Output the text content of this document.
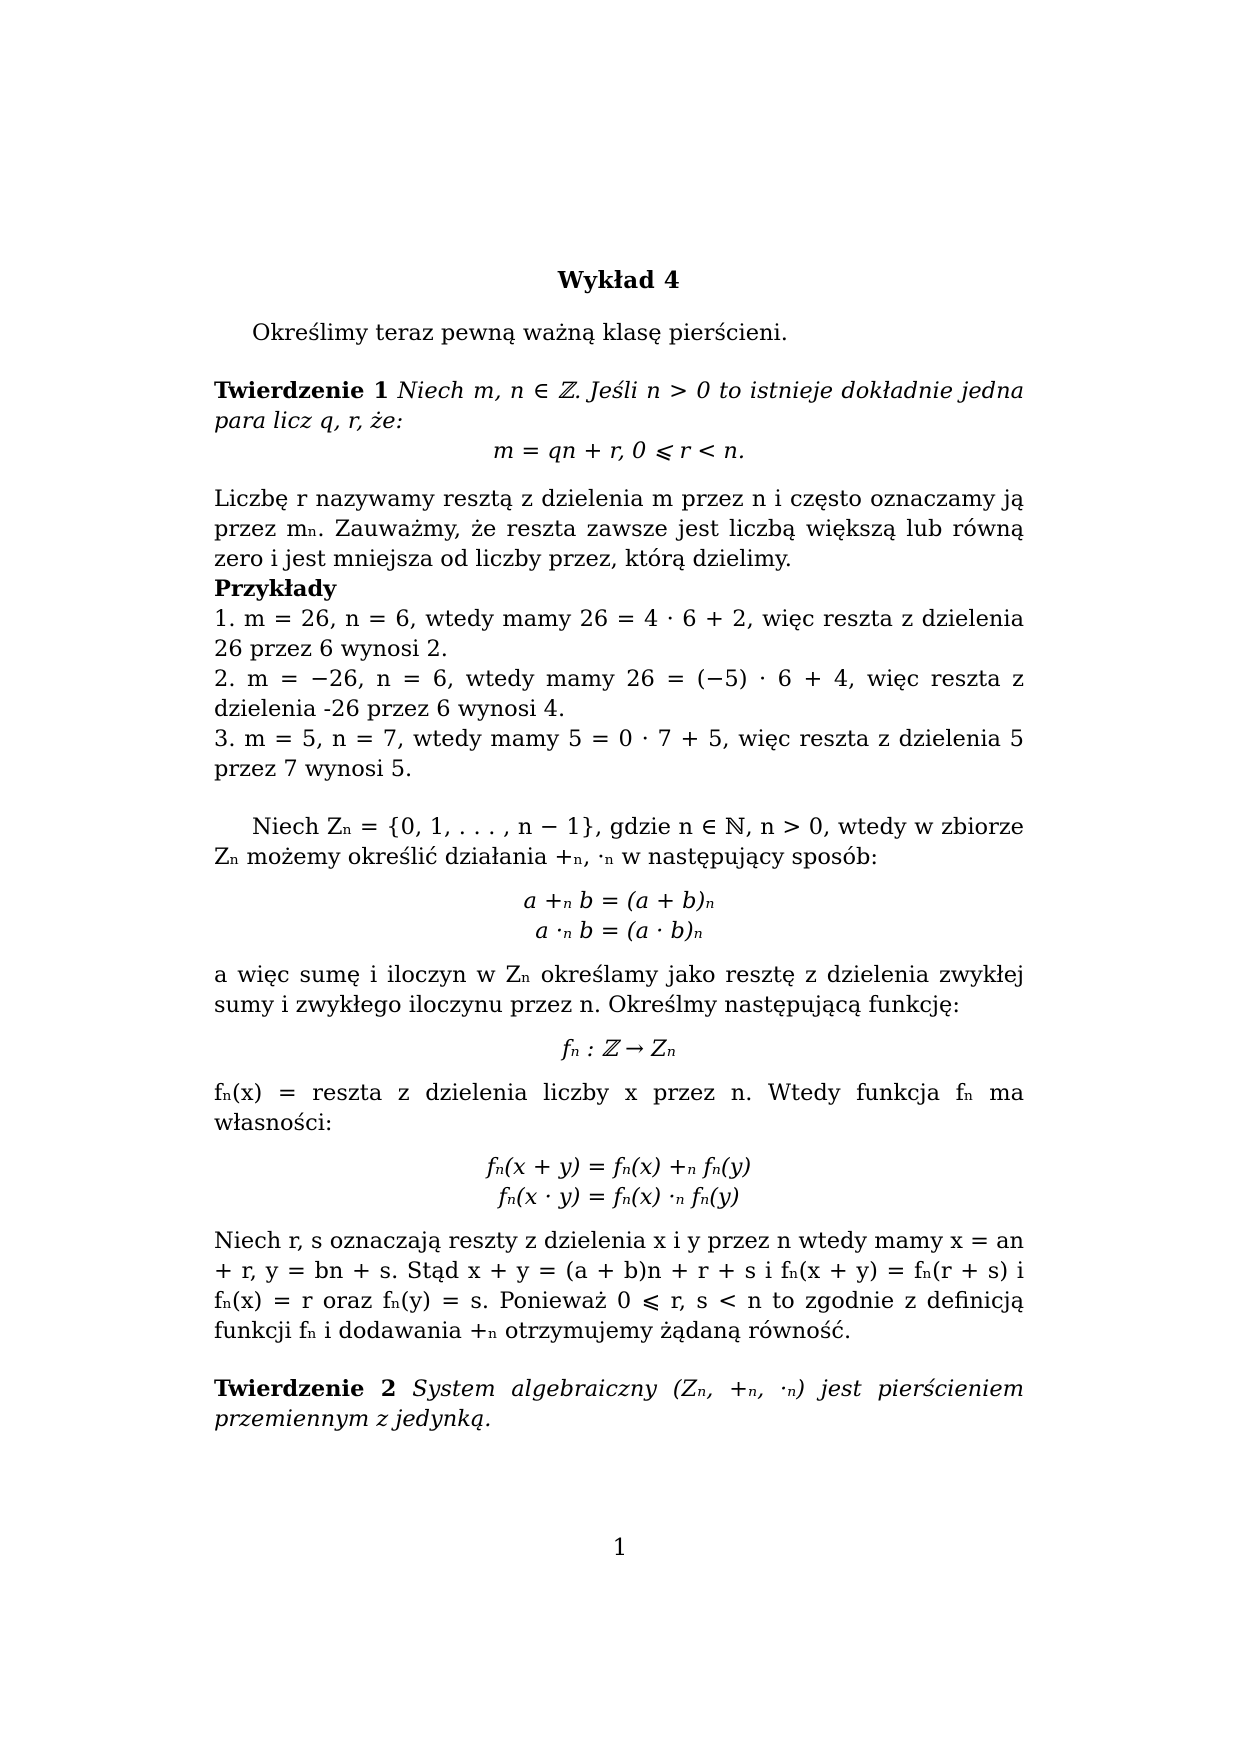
Wykład 4

Określimy teraz pewną ważną klasę pierścieni.

Twierdzenie 1 Niech m, n ∈ ℤ. Jeśli n > 0 to istnieje dokładnie jedna para licz q, r, że:

m = qn + r, 0 ⩽ r < n.

Liczbę r nazywamy resztą z dzielenia m przez n i często oznaczamy ją przez mₙ. Zauważmy, że reszta zawsze jest liczbą większą lub równą zero i jest mniejsza od liczby przez, którą dzielimy.

Przykłady

1. m = 26, n = 6, wtedy mamy 26 = 4 · 6 + 2, więc reszta z dzielenia 26 przez 6 wynosi 2.

2. m = −26, n = 6, wtedy mamy 26 = (−5) · 6 + 4, więc reszta z dzielenia -26 przez 6 wynosi 4.

3. m = 5, n = 7, wtedy mamy 5 = 0 · 7 + 5, więc reszta z dzielenia 5 przez 7 wynosi 5.

Niech Zₙ = {0, 1, . . . , n − 1}, gdzie n ∈ ℕ, n > 0, wtedy w zbiorze Zₙ możemy określić działania +ₙ, ·ₙ w następujący sposób:

a +ₙ b = (a + b)ₙ

a ·ₙ b = (a · b)ₙ

a więc sumę i iloczyn w Zₙ określamy jako resztę z dzielenia zwykłej sumy i zwykłego iloczynu przez n. Określmy następującą funkcję:

fₙ : ℤ → Zₙ

fₙ(x) = reszta z dzielenia liczby x przez n. Wtedy funkcja fₙ ma własności:

fₙ(x + y) = fₙ(x) +ₙ fₙ(y)

fₙ(x · y) = fₙ(x) ·ₙ fₙ(y)

Niech r, s oznaczają reszty z dzielenia x i y przez n wtedy mamy x = an + r, y = bn + s. Stąd x + y = (a + b)n + r + s i fₙ(x + y) = fₙ(r + s) i fₙ(x) = r oraz fₙ(y) = s. Ponieważ 0 ⩽ r, s < n to zgodnie z definicją funkcji fₙ i dodawania +ₙ otrzymujemy żądaną równość.

Twierdzenie 2 System algebraiczny (Zₙ, +ₙ, ·ₙ) jest pierścieniem przemiennym z jedynką.

1
